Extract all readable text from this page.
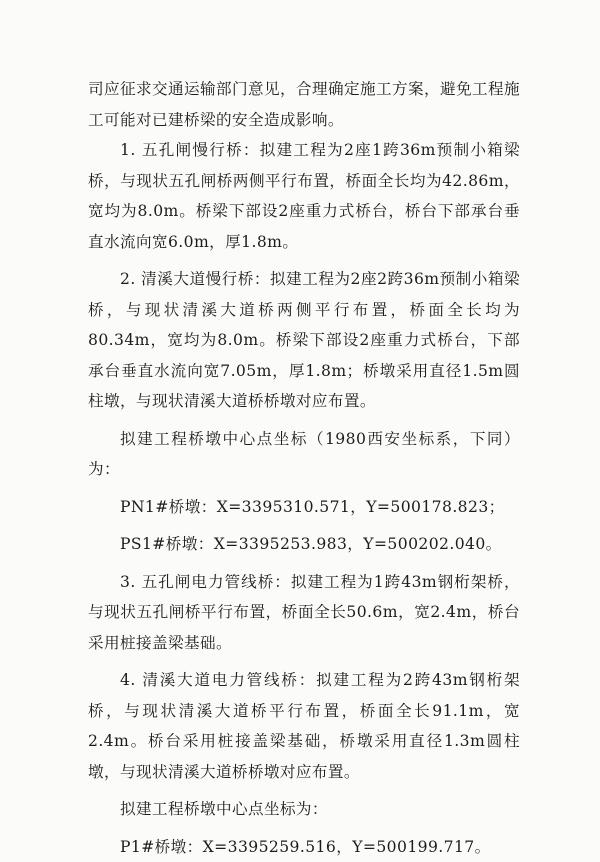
司应征求交通运输部门意见，合理确定施工方案，避免工程施工可能对已建桥梁的安全造成影响。

1. 五孔闸慢行桥：拟建工程为2座1跨36m预制小箱梁桥，与现状五孔闸桥两侧平行布置，桥面全长均为42.86m，宽均为8.0m。桥梁下部设2座重力式桥台，桥台下部承台垂直水流向宽6.0m，厚1.8m。

2. 清溪大道慢行桥：拟建工程为2座2跨36m预制小箱梁桥，与现状清溪大道桥两侧平行布置，桥面全长均为80.34m，宽均为8.0m。桥梁下部设2座重力式桥台，下部承台垂直水流向宽7.05m，厚1.8m；桥墩采用直径1.5m圆柱墩，与现状清溪大道桥桥墩对应布置。

拟建工程桥墩中心点坐标（1980西安坐标系，下同）为：

PN1#桥墩：X=3395310.571，Y=500178.823；

PS1#桥墩：X=3395253.983，Y=500202.040。

3. 五孔闸电力管线桥：拟建工程为1跨43m钢桁架桥，与现状五孔闸桥平行布置，桥面全长50.6m，宽2.4m，桥台采用桩接盖梁基础。

4. 清溪大道电力管线桥：拟建工程为2跨43m钢桁架桥，与现状清溪大道桥平行布置，桥面全长91.1m，宽2.4m。桥台采用桩接盖梁基础，桥墩采用直径1.3m圆柱墩，与现状清溪大道桥桥墩对应布置。

拟建工程桥墩中心点坐标为：

P1#桥墩：X=3395259.516，Y=500199.717。
